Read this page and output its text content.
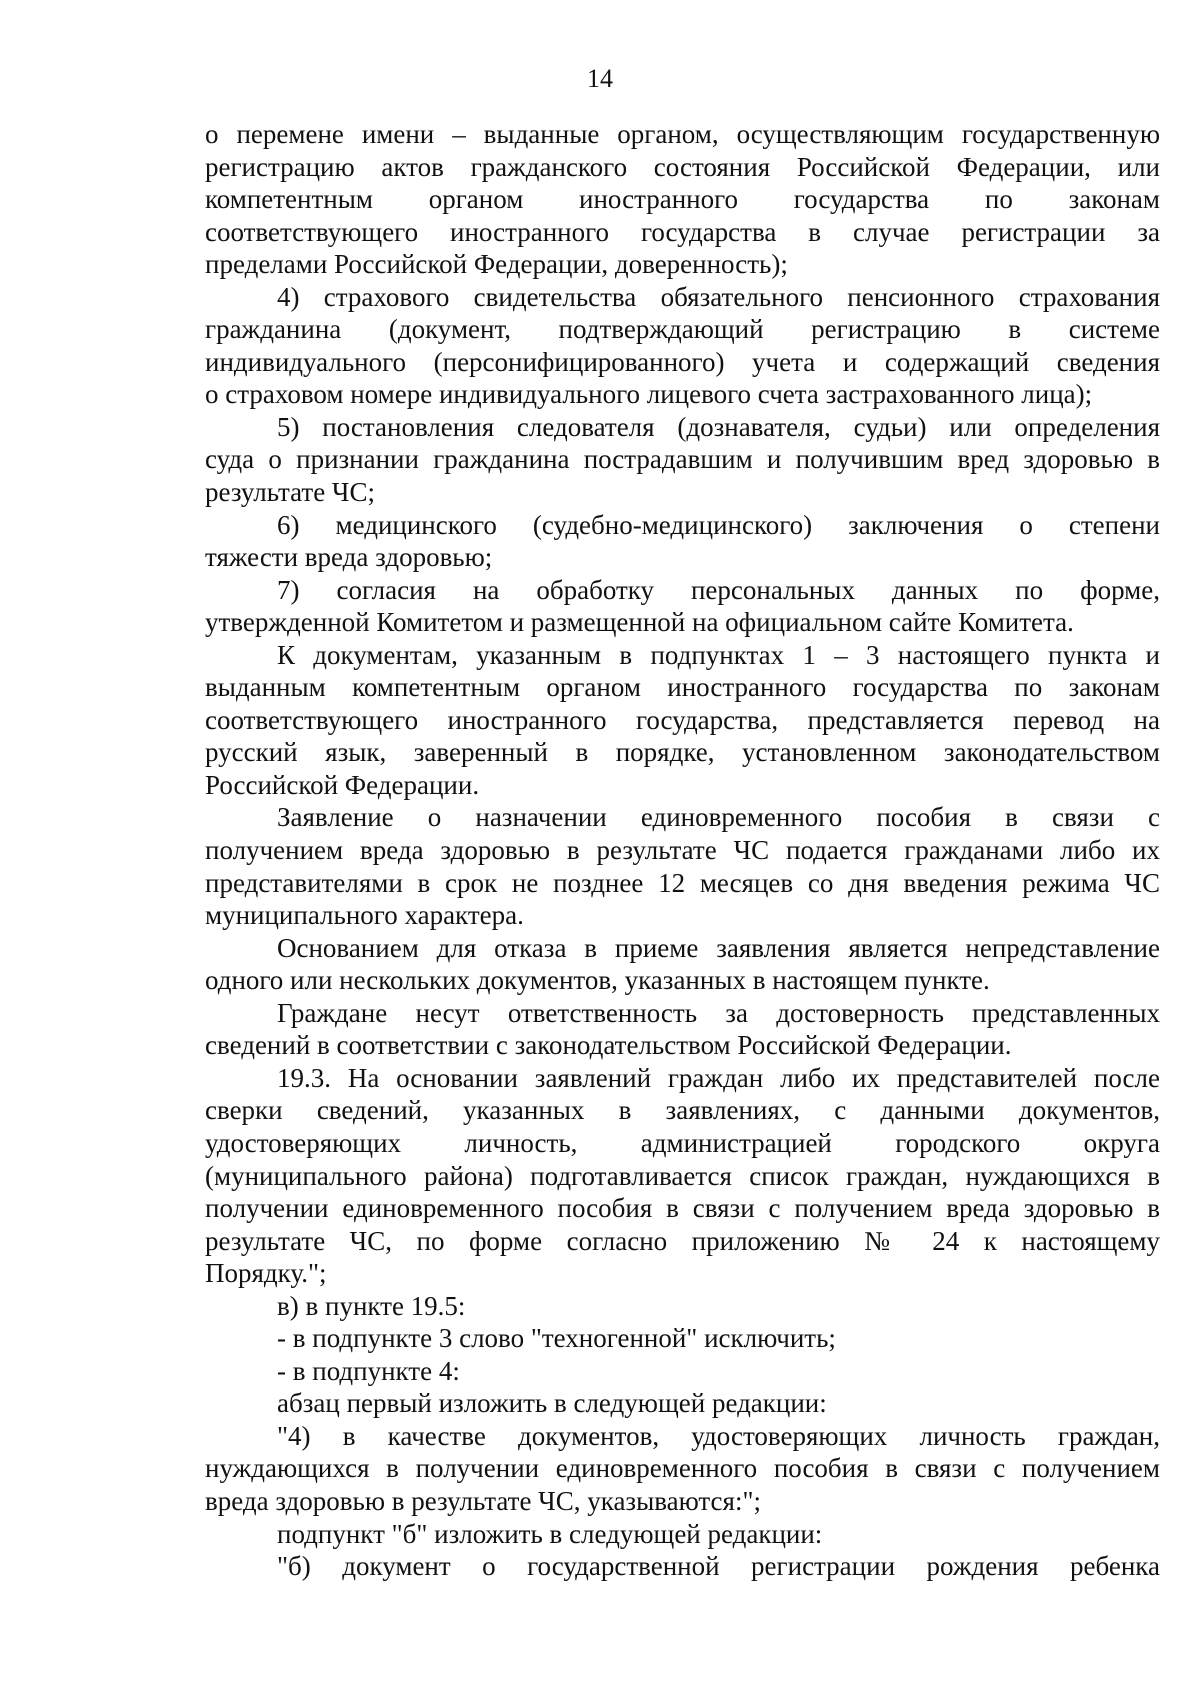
14
о перемене имени – выданные органом, осуществляющим государственную
регистрацию актов гражданского состояния Российской Федерации, или
компетентным органом иностранного государства по законам
соответствующего иностранного государства в случае регистрации за
пределами Российской Федерации, доверенность);
4) страхового свидетельства обязательного пенсионного страхования
гражданина (документ, подтверждающий регистрацию в системе
индивидуального (персонифицированного) учета и содержащий сведения
о страховом номере индивидуального лицевого счета застрахованного лица);
5) постановления следователя (дознавателя, судьи) или определения
суда о признании гражданина пострадавшим и получившим вред здоровью в
результате ЧС;
6) медицинского (судебно-медицинского) заключения о степени
тяжести вреда здоровью;
7) согласия на обработку персональных данных по форме,
утвержденной Комитетом и размещенной на официальном сайте Комитета.
К документам, указанным в подпунктах 1 – 3 настоящего пункта и
выданным компетентным органом иностранного государства по законам
соответствующего иностранного государства, представляется перевод на
русский язык, заверенный в порядке, установленном законодательством
Российской Федерации.
Заявление о назначении единовременного пособия в связи с
получением вреда здоровью в результате ЧС подается гражданами либо их
представителями в срок не позднее 12 месяцев со дня введения режима ЧС
муниципального характера.
Основанием для отказа в приеме заявления является непредставление
одного или нескольких документов, указанных в настоящем пункте.
Граждане несут ответственность за достоверность представленных
сведений в соответствии с законодательством Российской Федерации.
19.3. На основании заявлений граждан либо их представителей после
сверки сведений, указанных в заявлениях, с данными документов,
удостоверяющих личность, администрацией городского округа
(муниципального района) подготавливается список граждан, нуждающихся в
получении единовременного пособия в связи с получением вреда здоровью в
результате ЧС, по форме согласно приложению № 24 к настоящему
Порядку.";
в) в пункте 19.5:
- в подпункте 3 слово "техногенной" исключить;
- в подпункте 4:
абзац первый изложить в следующей редакции:
"4) в качестве документов, удостоверяющих личность граждан,
нуждающихся в получении единовременного пособия в связи с получением
вреда здоровью в результате ЧС, указываются:";
подпункт "б" изложить в следующей редакции:
"б) документ о государственной регистрации рождения ребенка
